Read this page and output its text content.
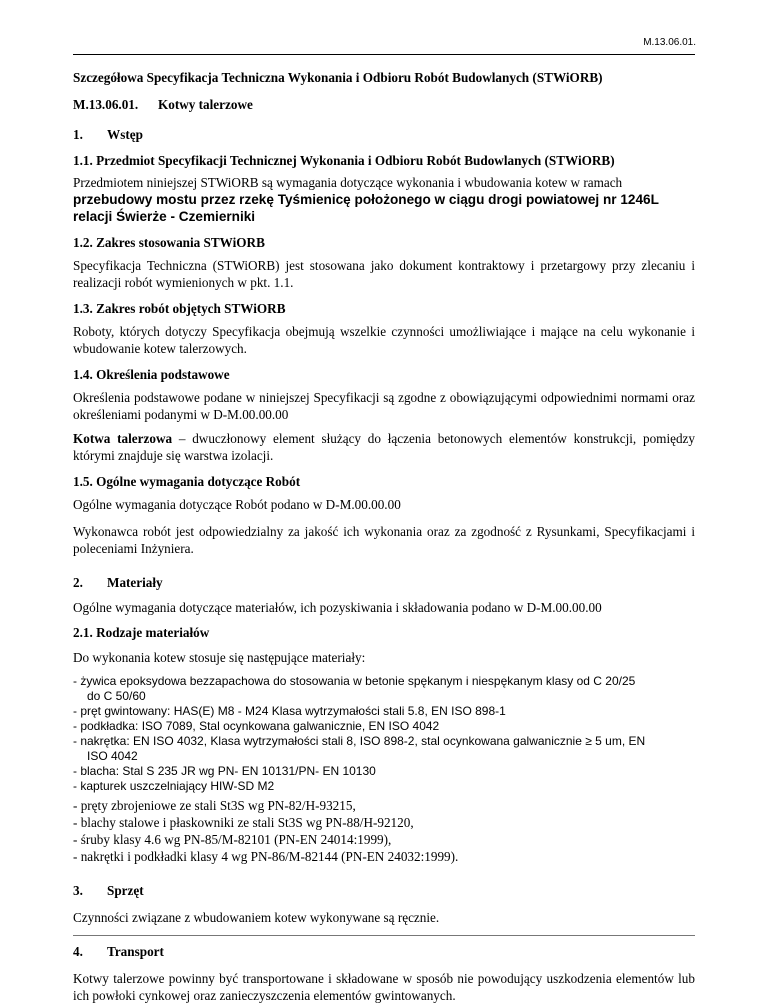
M.13.06.01.

Szczegółowa Specyfikacja Techniczna Wykonania i Odbioru Robót Budowlanych (STWiORB)

M.13.06.01. Kotwy talerzowe

1. Wstęp

1.1. Przedmiot Specyfikacji Technicznej Wykonania i Odbioru Robót Budowlanych (STWiORB)

Przedmiotem niniejszej STWiORB są wymagania dotyczące wykonania i wbudowania kotew w ramach

przebudowy mostu przez rzekę Tyśmienicę położonego w ciągu drogi powiatowej nr 1246L

relacji Świerże - Czemierniki

1.2. Zakres stosowania STWiORB

Specyfikacja Techniczna (STWiORB) jest stosowana jako dokument kontraktowy i przetargowy przy zlecaniu i realizacji robót wymienionych w pkt. 1.1.

1.3. Zakres robót objętych STWiORB

Roboty, których dotyczy Specyfikacja obejmują wszelkie czynności umożliwiające i mające na celu wykonanie i wbudowanie kotew talerzowych.

1.4. Określenia podstawowe

Określenia podstawowe podane w niniejszej Specyfikacji są zgodne z obowiązującymi odpowiednimi normami oraz określeniami podanymi w D-M.00.00.00

Kotwa talerzowa – dwuczłonowy element służący do łączenia betonowych elementów konstrukcji, pomiędzy którymi znajduje się warstwa izolacji.

1.5. Ogólne wymagania dotyczące Robót

Ogólne wymagania dotyczące Robót podano w D-M.00.00.00

Wykonawca robót jest odpowiedzialny za jakość ich wykonania oraz za zgodność z Rysunkami, Specyfikacjami i poleceniami Inżyniera.

2. Materiały

Ogólne wymagania dotyczące materiałów, ich pozyskiwania i składowania podano w D-M.00.00.00

2.1. Rodzaje materiałów

Do wykonania kotew stosuje się następujące materiały:

- żywica epoksydowa bezzapachowa do stosowania w betonie spękanym i niespękanym klasy od C 20/25

do C 50/60

- pręt gwintowany: HAS(E) M8 - M24 Klasa wytrzymałości stali 5.8, EN ISO 898-1

- podkładka: ISO 7089, Stal ocynkowana galwanicznie, EN ISO 4042

- nakrętka: EN ISO 4032, Klasa wytrzymałości stali 8, ISO 898-2, stal ocynkowana galwanicznie ≥ 5 um, EN

ISO 4042

- blacha: Stal S 235 JR wg PN- EN 10131/PN- EN 10130

- kapturek uszczelniający HIW-SD M2

- pręty zbrojeniowe ze stali St3S wg PN-82/H-93215,

- blachy stalowe i płaskowniki ze stali St3S wg PN-88/H-92120,

- śruby klasy 4.6 wg PN-85/M-82101 (PN-EN 24014:1999),

- nakrętki i podkładki klasy 4 wg PN-86/M-82144 (PN-EN 24032:1999).

3. Sprzęt

Czynności związane z wbudowaniem kotew wykonywane są ręcznie.

4. Transport

Kotwy talerzowe powinny być transportowane i składowane w sposób nie powodujący uszkodzenia elementów lub ich powłoki cynkowej oraz zanieczyszczenia elementów gwintowanych.
